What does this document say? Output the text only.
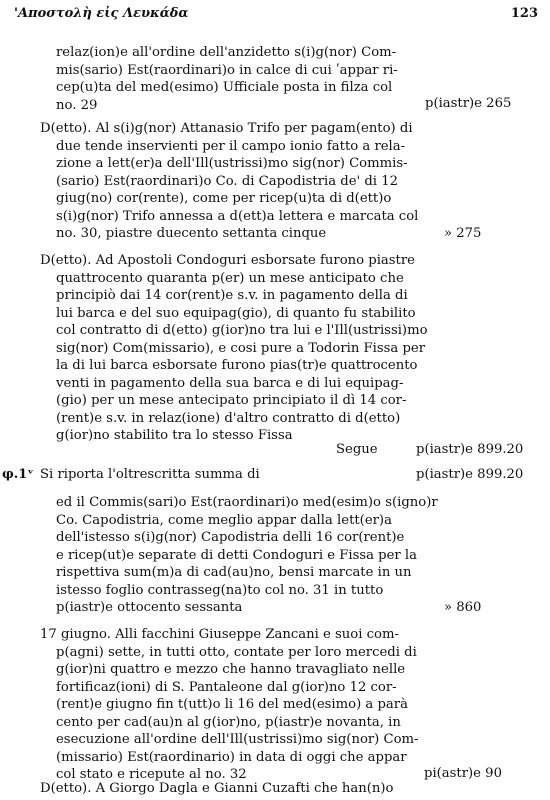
'Αποστολὴ εἰς Λευκάδα	123
relaz(ion)e all'ordine dell'anzidetto s(i)g(nor) Com-
mis(sario) Est(raordinari)o in calce di cui ʹappar ri-
cep(u)ta del med(esimo) Ufficiale posta in filza col
no. 29	p(iastr)e 265
D(etto). Al s(i)g(nor) Attanasio Trifo per pagam(ento) di
due tende inservienti per il campo ionio fatto a rela-
zione a lett(er)a dell'Ill(ustrissi)mo sig(nor) Commis-
(sario) Est(raordinari)o Co. di Capodistria de' di 12
giug(no) cor(rente), come per ricep(u)ta di d(ett)o
s(i)g(nor) Trifo annessa a d(ett)a lettera e marcata col
no. 30, piastre duecento settanta cinque	» 275
D(etto). Ad Apostoli Condoguri esborsate furono piastre
quattrocento quaranta p(er) un mese anticipato che
principiò dai 14 cor(rent)e s.v. in pagamento della di
lui barca e del suo equipag(gio), di quanto fu stabilito
col contratto di d(etto) g(ior)no tra lui e l'Ill(ustrissi)mo
sig(nor) Com(missario), e cosi pure a Todorin Fissa per
la di lui barca esborsate furono pias(tr)e quattrocento
venti in pagamento della sua barca e di lui equipag-
(gio) per un mese antecipato principiato il dì 14 cor-
(rent)e s.v. in relaz(ione) d'altro contratto di d(etto)
g(ior)no stabilito tra lo stesso Fissa
Segue	p(iastr)e 899.20
φ.1ᵛ Si riporta l'oltrescritta summa di	p(iastr)e 899.20
ed il Commis(sari)o Est(raordinari)o med(esim)o s(igno)r
Co. Capodistria, come meglio appar dalla lett(er)a
dell'istesso s(i)g(nor) Capodistria delli 16 cor(rent)e
e ricep(ut)e separate di detti Condoguri e Fissa per la
rispettiva sum(m)a di cad(au)no, bensi marcate in un
istesso foglio contrasseg(na)to col no. 31 in tutto
p(iastr)e ottocento sessanta	» 860
17 giugno. Alli facchini Giuseppe Zancani e suoi com-
p(agni) sette, in tutti otto, contate per loro mercedi di
g(ior)ni quattro e mezzo che hanno travagliato nelle
fortificaz(ioni) di S. Pantaleone dal g(ior)no 12 cor-
(rent)e giugno fin t(utt)o li 16 del med(esimo) a parà
cento per cad(au)n al g(ior)no, p(iastr)e novanta, in
esecuzione all'ordine dell'Ill(ustrissi)mo sig(nor) Com-
(missario) Est(raordinario) in data di oggi che appar
col stato e ricepute al no. 32	pi(astr)e 90
D(etto). A Giorgo Dagla e Gianni Cuzafti che han(n)o
